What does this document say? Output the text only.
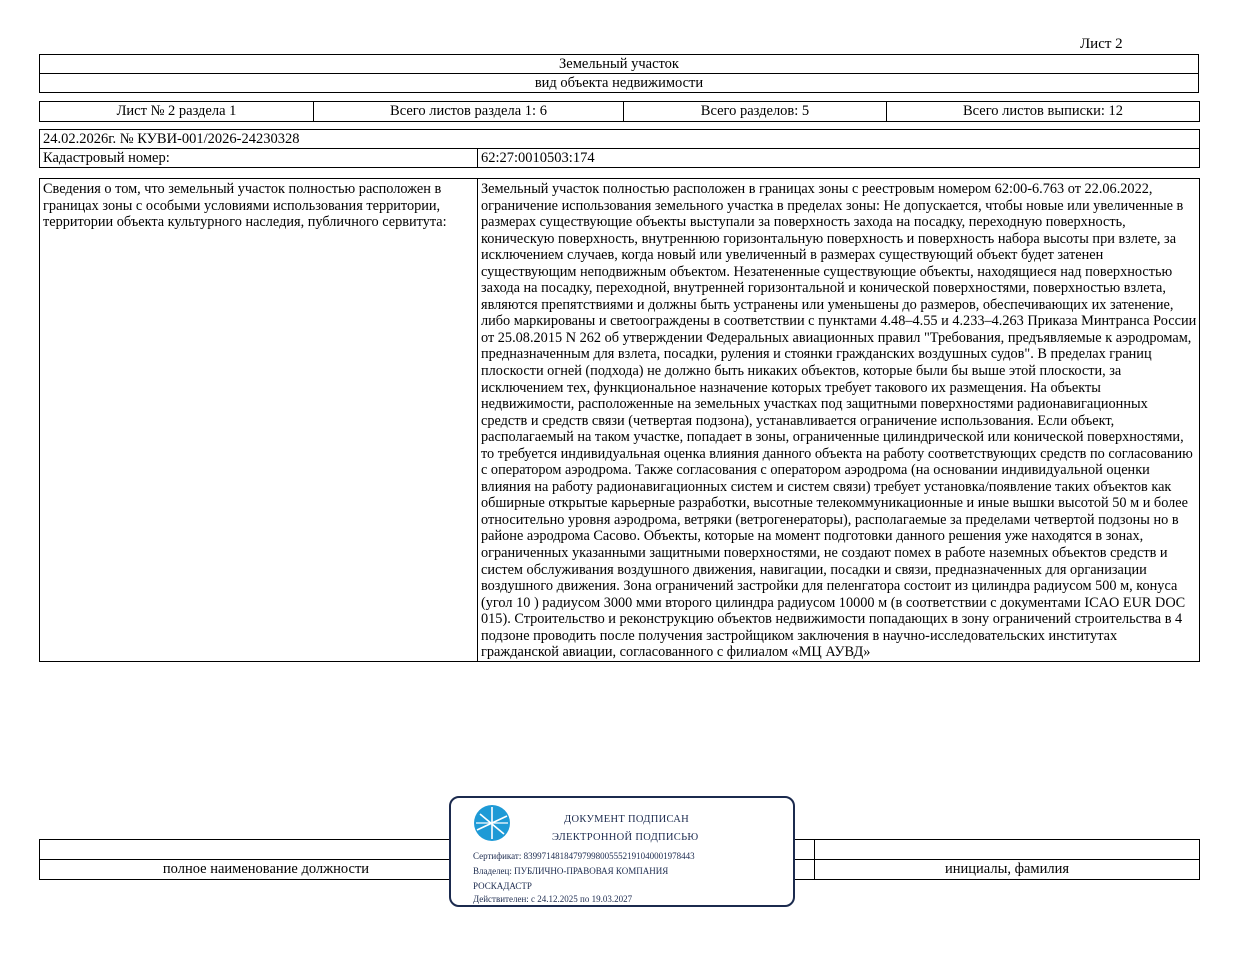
Лист 2
Земельный участок
вид объекта недвижимости
Лист № 2 раздела 1	Всего листов раздела 1: 6	Всего разделов: 5	Всего листов выписки: 12
24.02.2026г. № КУВИ-001/2026-24230328
Кадастровый номер:	62:27:0010503:174
Сведения о том, что земельный участок полностью расположен в границах зоны с особыми условиями использования территории, территории объекта культурного наследия, публичного сервитута:	Земельный участок полностью расположен в границах зоны с реестровым номером 62:00-6.763 от 22.06.2022, ограничение использования земельного участка в пределах зоны: Не допускается, чтобы новые или увеличенные в размерах существующие объекты выступали за поверхность захода на посадку, переходную поверхность, коническую поверхность, внутреннюю горизонтальную поверхность и поверхность набора высоты при взлете, за исключением случаев, когда новый или увеличенный в размерах существующий объект будет затенен существующим неподвижным объектом. Незатененные существующие объекты, находящиеся над поверхностью захода на посадку, переходной, внутренней горизонтальной и конической поверхностями, поверхностью взлета, являются препятствиями и должны быть устранены или уменьшены до размеров, обеспечивающих их затенение, либо маркированы и светоограждены в соответствии с пунктами 4.48–4.55 и 4.233–4.263 Приказа Минтранса России от 25.08.2015 N 262 об утверждении Федеральных авиационных правил "Требования, предъявляемые к аэродромам, предназначенным для взлета, посадки, руления и стоянки гражданских воздушных судов". В пределах границ плоскости огней (подхода) не должно быть никаких объектов, которые были бы выше этой плоскости, за исключением тех, функциональное назначение которых требует такового их размещения. На объекты недвижимости, расположенные на земельных участках под защитными поверхностями радионавигационных средств и средств связи (четвертая подзона), устанавливается ограничение использования. Если объект, располагаемый на таком участке, попадает в зоны, ограниченные цилиндрической или конической поверхностями, то требуется индивидуальная оценка влияния данного объекта на работу соответствующих средств по согласованию с оператором аэродрома. Также согласования с оператором аэродрома (на основании индивидуальной оценки влияния на работу радионавигационных систем и систем связи) требует установка/появление таких объектов как обширные открытые карьерные разработки, высотные телекоммуникационные и иные вышки высотой 50 м и более относительно уровня аэродрома, ветряки (ветрогенераторы), располагаемые за пределами четвертой подзоны но в районе аэродрома Сасово. Объекты, которые на момент подготовки данного решения уже находятся в зонах, ограниченных указанными защитными поверхностями, не создают помех в работе наземных объектов средств и систем обслуживания воздушного движения, навигации, посадки и связи, предназначенных для организации воздушного движения. Зона ограничений застройки для пеленгатора состоит из цилиндра радиусом 500 м, конуса (угол 10 ) радиусом 3000 мми второго цилиндра радиусом 10000 м (в соответствии с документами ICAO EUR DOC 015). Строительство и реконструкцию объектов недвижимости попадающих в зону ограничений строительства в 4 подзоне проводить после получения застройщиком заключения в научно-исследовательских институтах гражданской авиации, согласованного с филиалом «МЦ АУВД»

полное наименование должности		инициалы, фамилия
ДОКУМЕНТ ПОДПИСАН
ЭЛЕКТРОННОЙ ПОДПИСЬЮ
Сертификат: 83997148184797998005552191040001978443
Владелец: ПУБЛИЧНО-ПРАВОВАЯ КОМПАНИЯ
РОСКАДАСТР
Действителен: с 24.12.2025 по 19.03.2027
